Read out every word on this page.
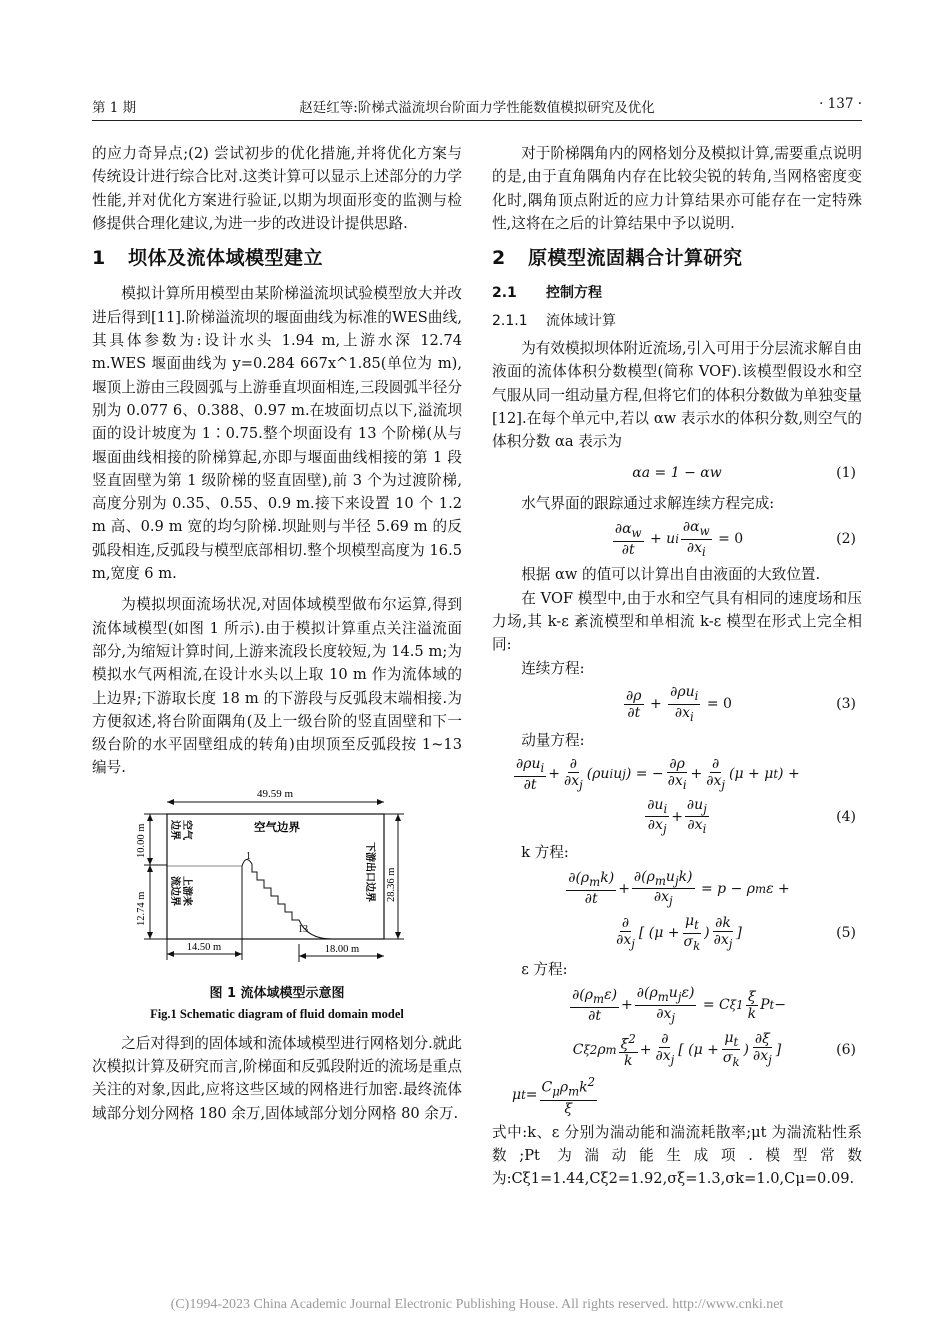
第 1 期	赵廷红等:阶梯式溢流坝台阶面力学性能数值模拟研究及优化	· 137 ·

的应力奇异点;(2) 尝试初步的优化措施,并将优化方案与传统设计进行综合比对.这类计算可以显示上述部分的力学性能,并对优化方案进行验证,以期为坝面形变的监测与检修提供合理化建议,为进一步的改进设计提供思路.

1 坝体及流体域模型建立

模拟计算所用模型由某阶梯溢流坝试验模型放大并改进后得到[11].阶梯溢流坝的堰面曲线为标准的WES曲线,其具体参数为:设计水头 1.94 m,上游水深 12.74 m.WES 堰面曲线为 y=0.284 667x^1.85(单位为 m),堰顶上游由三段圆弧与上游垂直坝面相连,三段圆弧半径分别为 0.077 6、0.388、0.97 m.在坡面切点以下,溢流坝面的设计坡度为 1∶0.75.整个坝面设有 13 个阶梯(从与堰面曲线相接的阶梯算起,亦即与堰面曲线相接的第 1 段竖直固壁为第 1 级阶梯的竖直固壁),前 3 个为过渡阶梯,高度分别为 0.35、0.55、0.9 m.接下来设置 10 个 1.2 m 高、0.9 m 宽的均匀阶梯.坝趾则与半径 5.69 m 的反弧段相连,反弧段与模型底部相切.整个坝模型高度为 16.5 m,宽度 6 m.

为模拟坝面流场状况,对固体域模型做布尔运算,得到流体域模型(如图 1 所示).由于模拟计算重点关注溢流面部分,为缩短计算时间,上游来流段长度较短,为 14.5 m;为模拟水气两相流,在设计水头以上取 10 m 作为流体域的上边界;下游取长度 18 m 的下游段与反弧段末端相接.为方便叙述,将台阶面隅角(及上一级台阶的竖直固壁和下一级台阶的水平固壁组成的转角)由坝顶至反弧段按 1~13 编号.

49.59 m
10.00 m
12.74 m
空气
边界
上游来
流边界
空气边界
28.36 m
下游出口边界
1
13
14.50 m	18.00 m
图 1 流体域模型示意图
Fig.1 Schematic diagram of fluid domain model

之后对得到的固体域和流体域模型进行网格划分.就此次模拟计算及研究而言,阶梯面和反弧段附近的流场是重点关注的对象,因此,应将这些区域的网格进行加密.最终流体域部分划分网格 180 余万,固体域部分划分网格 80 余万.

对于阶梯隅角内的网格划分及模拟计算,需要重点说明的是,由于直角隅角内存在比较尖锐的转角,当网格密度变化时,隅角顶点附近的应力计算结果亦可能存在一定特殊性,这将在之后的计算结果中予以说明.

2 原模型流固耦合计算研究
2.1 控制方程
2.1.1 流体域计算

为有效模拟坝体附近流场,引入可用于分层流求解自由液面的流体体积分数模型(简称 VOF).该模型假设水和空气服从同一组动量方程,但将它们的体积分数做为单独变量[12].在每个单元中,若以 αw 表示水的体积分数,则空气的体积分数 αa 表示为

αa = 1 − αw	(1)

水气界面的跟踪通过求解连续方程完成:

$\frac{\partial\alpha_w}{\partial t} + u$ i $\frac{\partial\alpha_w}{\partial x_i}$
= 0	(2)

根据 αw 的值可以计算出自由液面的大致位置.

在 VOF 模型中,由于水和空气具有相同的速度场和压力场,其 k-ε 紊流模型和单相流 k-ε 模型在形式上完全相同:

连续方程:

$\frac{\partial\rho}{\partial t} + \frac{\partial\rho u_i}{\partial x_i}$
= 0	(3)

动量方程:

$\frac{\partial\rho u_i}{\partial t} + \frac{\partial}{\partial x_j} (\rho u$ i u j ) = − $\frac{\partial\rho}{\partial x_i} + \frac{\partial}{\partial x_j} (\mu + \mu$ t ) +
$\frac{\partial u_i}{\partial x_j} + \frac{\partial u_j}{\partial x_i}$	(4)

k 方程:

$\frac{\partial(\rho_mk)}{\partial t} + \frac{\partial(\rho_mu_jk)}{\partial x_j} = p - \rho$ m ε +
$\frac{\partial}{\partial x_j}$ [ ($\mu + \frac{\mu_t}{\sigma_k}$ ) $\frac{\partial k}{\partial x_j}$ ]	(5)

ε 方程:

$\frac{\partial(\rho_m\varepsilon)}{\partial t} + \frac{\partial(\rho_mu_j\varepsilon)}{\partial x_j} = C$ $\xi 1 \frac{\xi}{k}$ P t −
C ξ2 ρ m $\frac{\xi^2}{k} + \frac{\partial}{\partial x_j}$ [ ($\mu + \frac{\mu_t}{\sigma_k}$ ) $\frac{\partial\xi}{\partial x_j}$ ]	(6)
μ $t = \frac{C_\mu\rho_mk^2}{\xi}$

式中:k、ε 分别为湍动能和湍流耗散率;μt 为湍流粘性系数;Pt 为湍动能生成项.模型常数为:Cξ1=1.44,Cξ2=1.92,σξ=1.3,σk=1.0,Cμ=0.09.

(C)1994-2023 China Academic Journal Electronic Publishing House. All rights reserved. http://www.cnki.net
